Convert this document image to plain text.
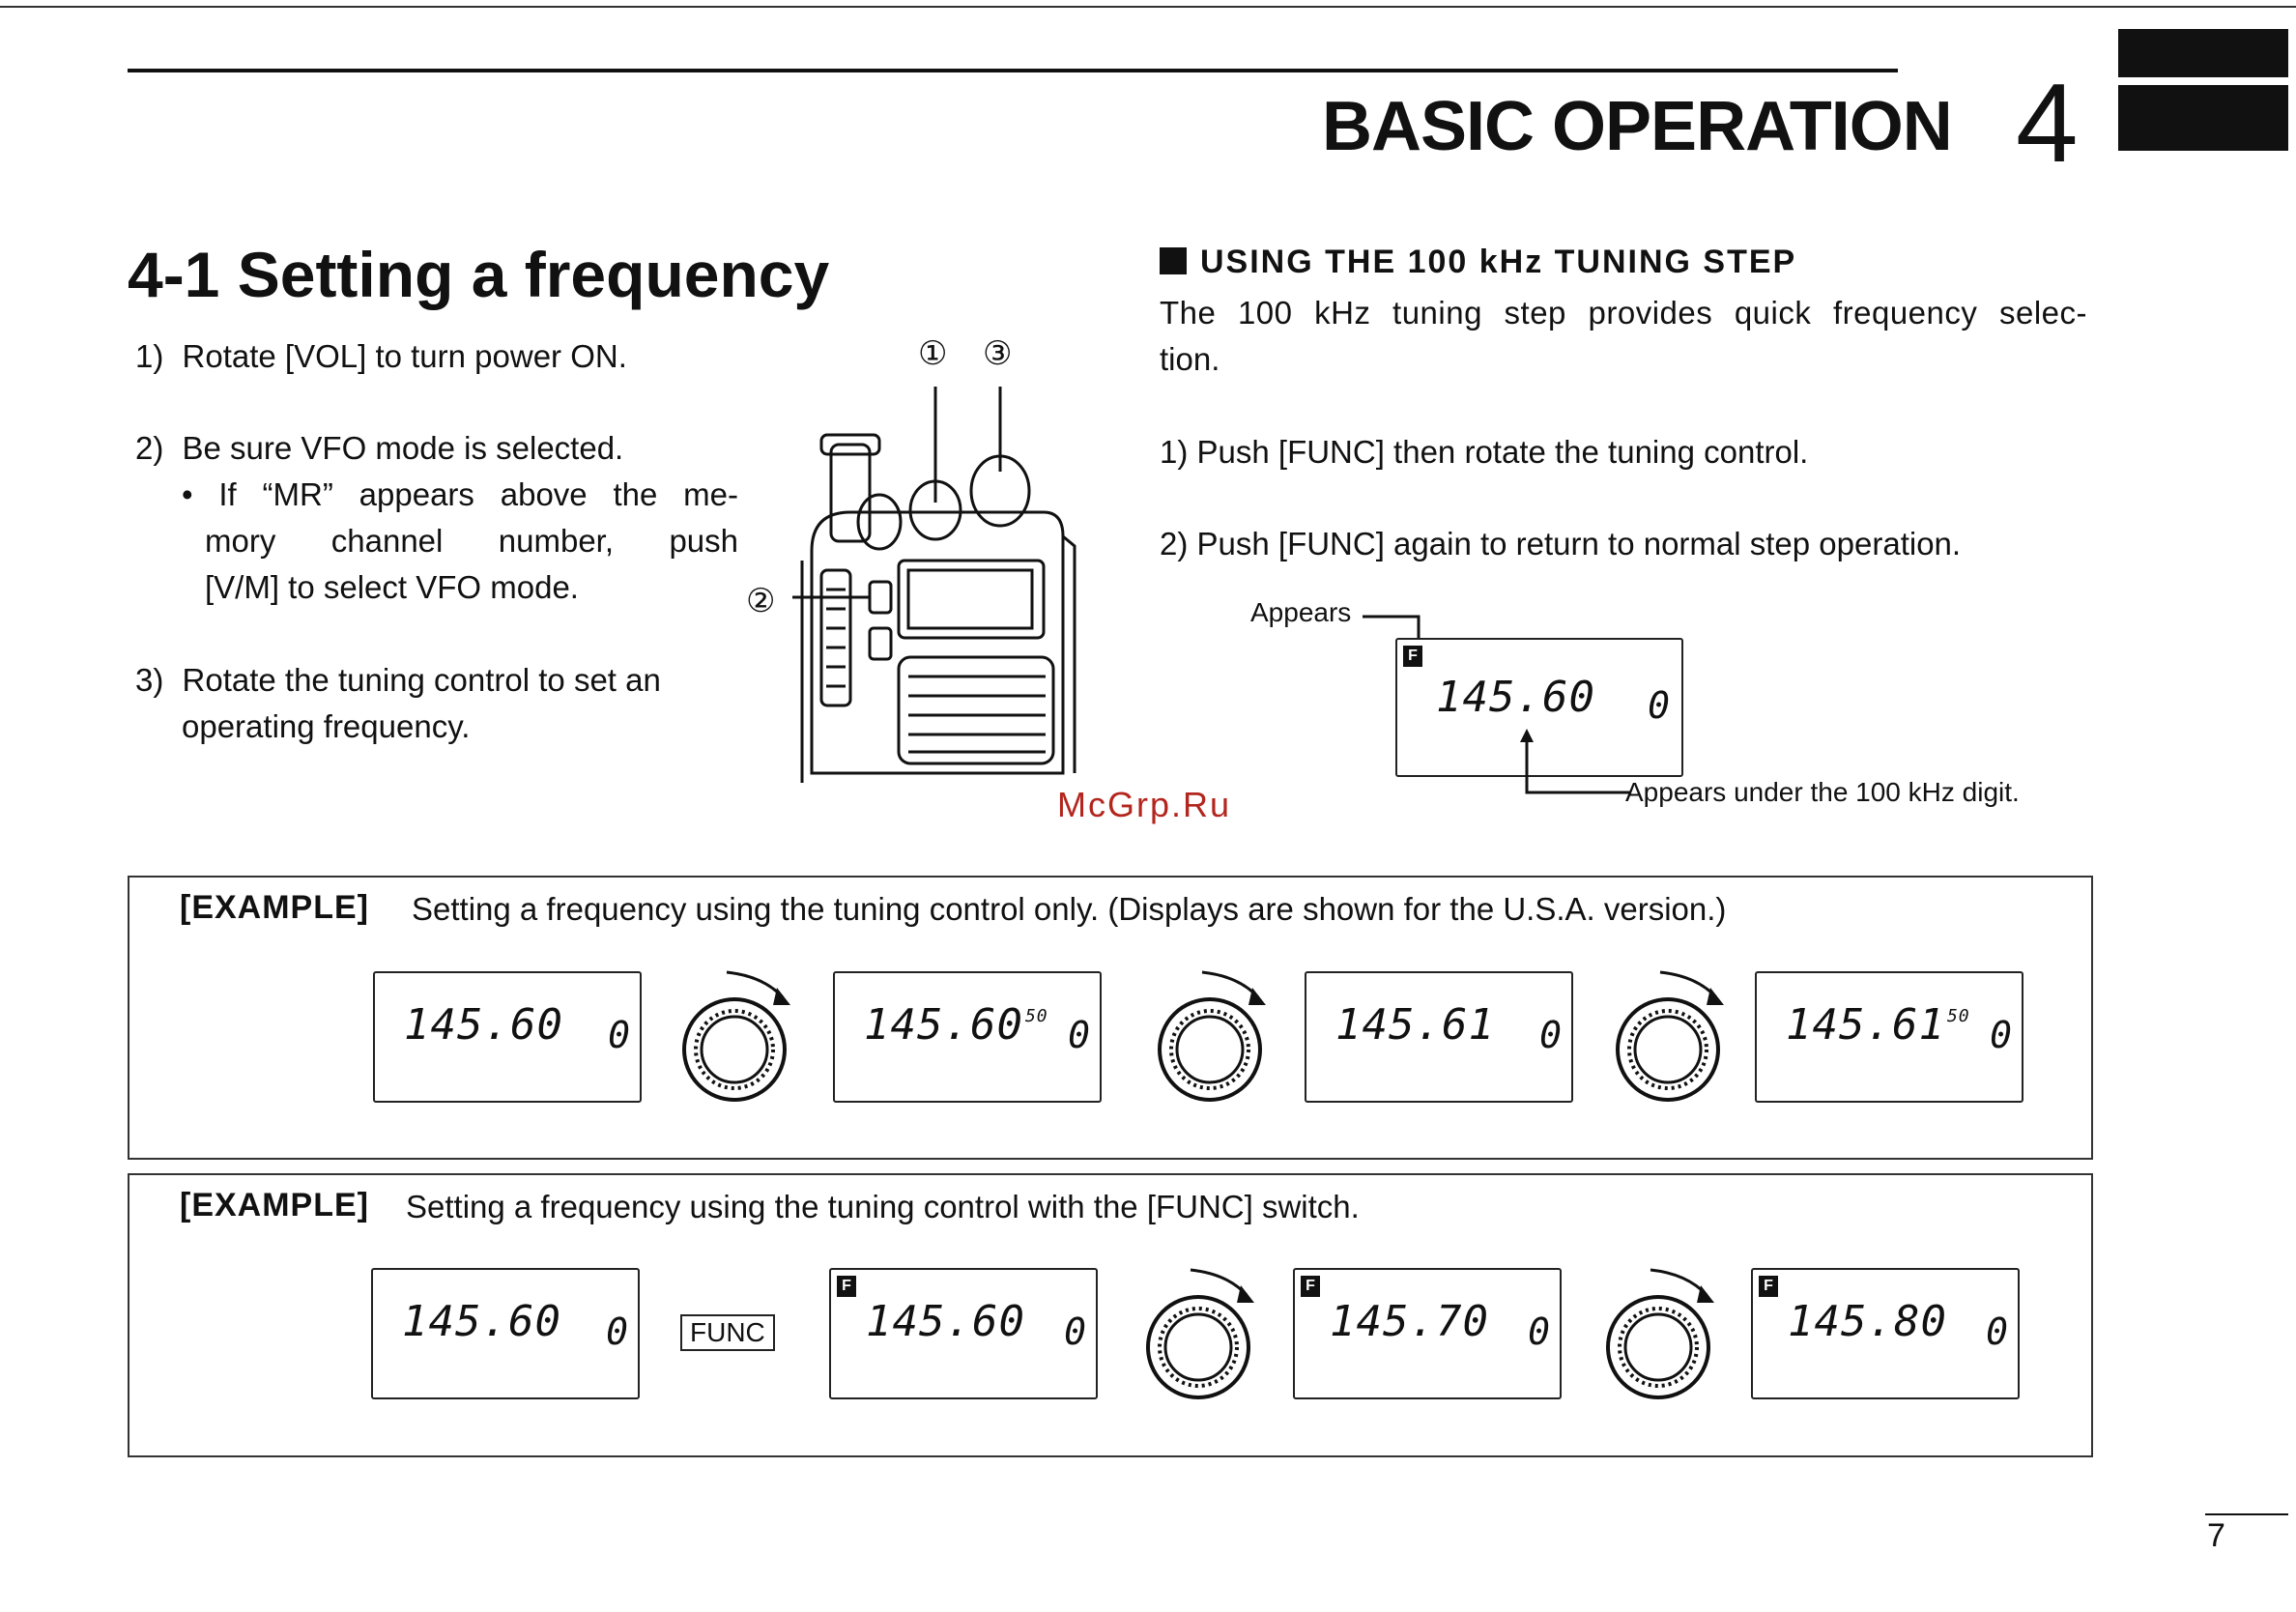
BASIC OPERATION 4
4-1 Setting a frequency
1) Rotate [VOL] to turn power ON.
2) Be sure VFO mode is selected.
• If “MR” appears above the me-
mory channel number, push
[V/M] to select VFO mode.
3) Rotate the tuning control to set an
operating frequency.
① ③
②
USING THE 100 kHz TUNING STEP
The 100 kHz tuning step provides quick frequency selec-
tion.
1) Push [FUNC] then rotate the tuning control.
2) Push [FUNC] again to return to normal step operation.
Appears
F
145.60 0
Appears under the 100 kHz digit.
McGrp.Ru
[EXAMPLE] Setting a frequency using the tuning control only. (Displays are shown for the U.S.A. version.)
145.60 0	145.60 $^{50}$ 0	145.61 0	145.61 $^{50}$ 0
[EXAMPLE] Setting a frequency using the tuning control with the [FUNC] switch.
145.60 0	FUNC
F
145.60 0
F
145.70 0
F
145.80 0
7
